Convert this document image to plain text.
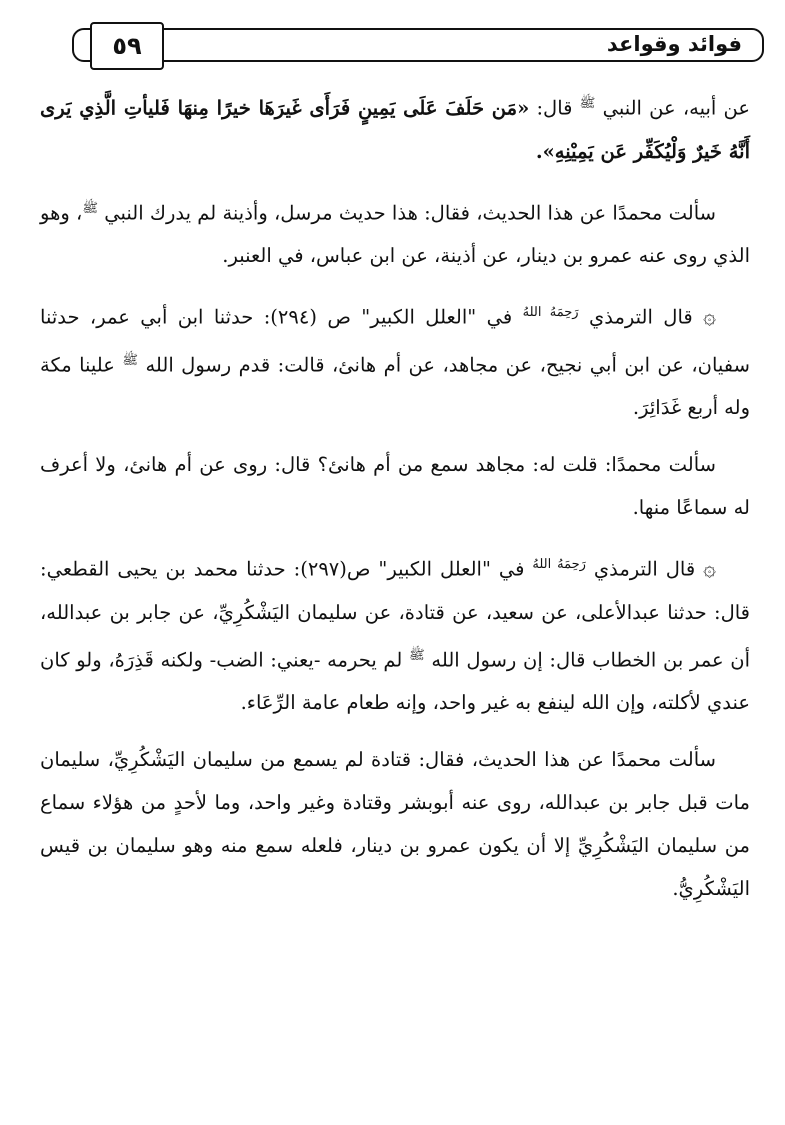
فوائد وقواعد
٥٩

عن أبيه، عن النبي $^ﷺ$ قال: «مَن حَلَفَ عَلَى يَمِينٍ فَرَأَى غَيرَهَا خيرًا مِنهَا فَليأتِ الَّذِي يَرى أَنَّهُ خَيرٌ وَلْيُكَفِّر عَن يَمِيْنِهِ».

سألت محمدًا عن هذا الحديث، فقال: هذا حديث مرسل، وأذينة لم يدرك النبي $^ﷺ$، وهو الذي روى عنه عمرو بن دينار، عن أذينة، عن ابن عباس، في العنبر.

۞ قال الترمذي $^{رَحِمَهُ اللهُ}$ في "العلل الكبير" ص (٢٩٤): حدثنا ابن أبي عمر، حدثنا سفيان، عن ابن أبي نجيح، عن مجاهد، عن أم هانئ، قالت: قدم رسول الله $^ﷺ$ علينا مكة وله أربع غَدَائِرَ.

سألت محمدًا: قلت له: مجاهد سمع من أم هانئ؟ قال: روى عن أم هانئ، ولا أعرف له سماعًا منها.

۞ قال الترمذي $^{رَحِمَهُ اللهُ}$ في "العلل الكبير" ص(٢٩٧): حدثنا محمد بن يحيى القطعي: قال: حدثنا عبدالأعلى، عن سعيد، عن قتادة، عن سليمان اليَشْكُرِيِّ، عن جابر بن عبدالله، أن عمر بن الخطاب قال: إن رسول الله $^ﷺ$ لم يحرمه -يعني: الضب- ولكنه قَذِرَهُ، ولو كان عندي لأكلته، وإن الله لينفع به غير واحد، وإنه طعام عامة الرِّعَاء.

سألت محمدًا عن هذا الحديث، فقال: قتادة لم يسمع من سليمان اليَشْكُرِيِّ، سليمان مات قبل جابر بن عبدالله، روى عنه أبوبشر وقتادة وغير واحد، وما لأحدٍ من هؤلاء سماع من سليمان اليَشْكُرِيِّ إلا أن يكون عمرو بن دينار، فلعله سمع منه وهو سليمان بن قيس اليَشْكُرِيُّ.
